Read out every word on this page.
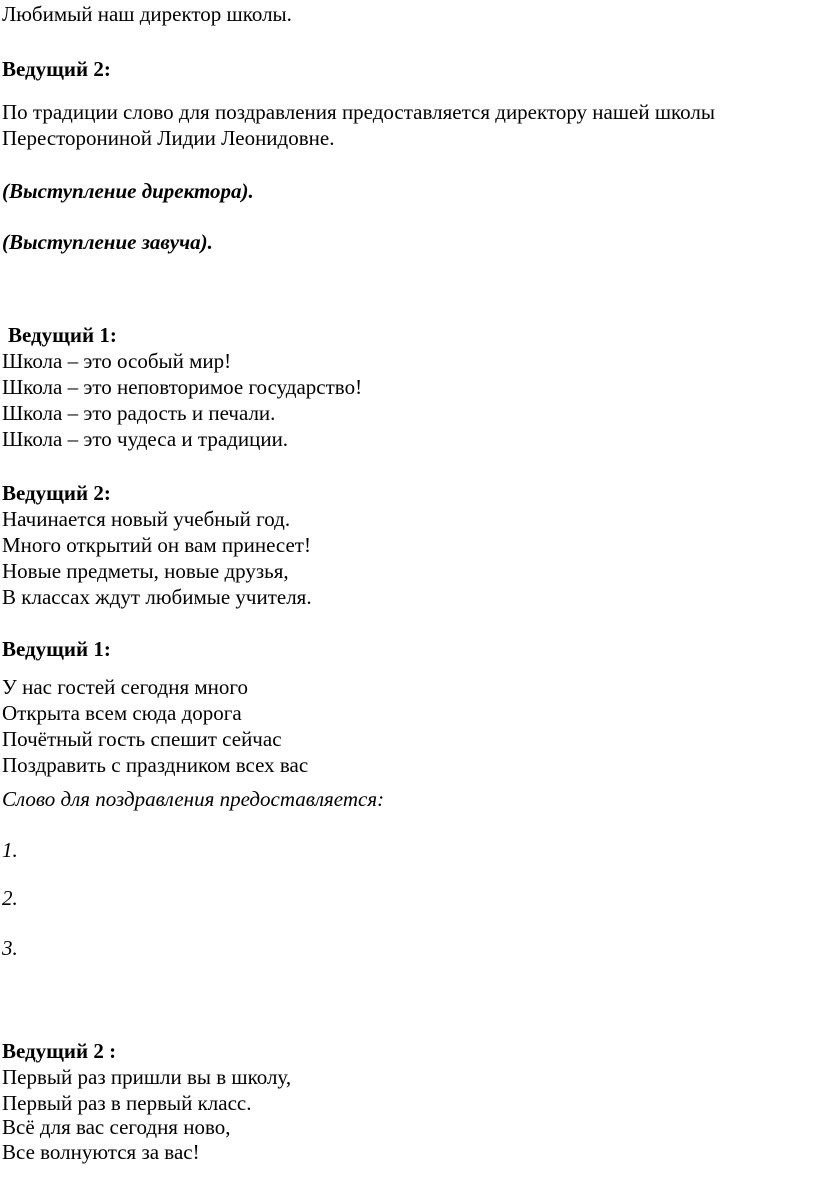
Любимый наш директор школы.

Ведущий 2:

По традиции слово для поздравления предоставляется директору нашей школы

Пересторониной Лидии Леонидовне.

(Выступление директора).

(Выступление завуча).

Ведущий 1:

Школа – это особый мир!

Школа – это неповторимое государство!

Школа – это радость и печали.

Школа – это чудеса и традиции.

Ведущий 2:

Начинается новый учебный год.

Много открытий он вам принесет!

Новые предметы, новые друзья,

В классах ждут любимые учителя.

Ведущий 1:

У нас гостей сегодня много

Открыта всем сюда дорога

Почётный гость спешит сейчас

Поздравить с праздником всех вас

Слово для поздравления предоставляется:

1.

2.

3.

Ведущий 2 :

Первый раз пришли вы в школу,

Первый раз в первый класс.

Всё для вас сегодня ново,

Все волнуются за вас!
